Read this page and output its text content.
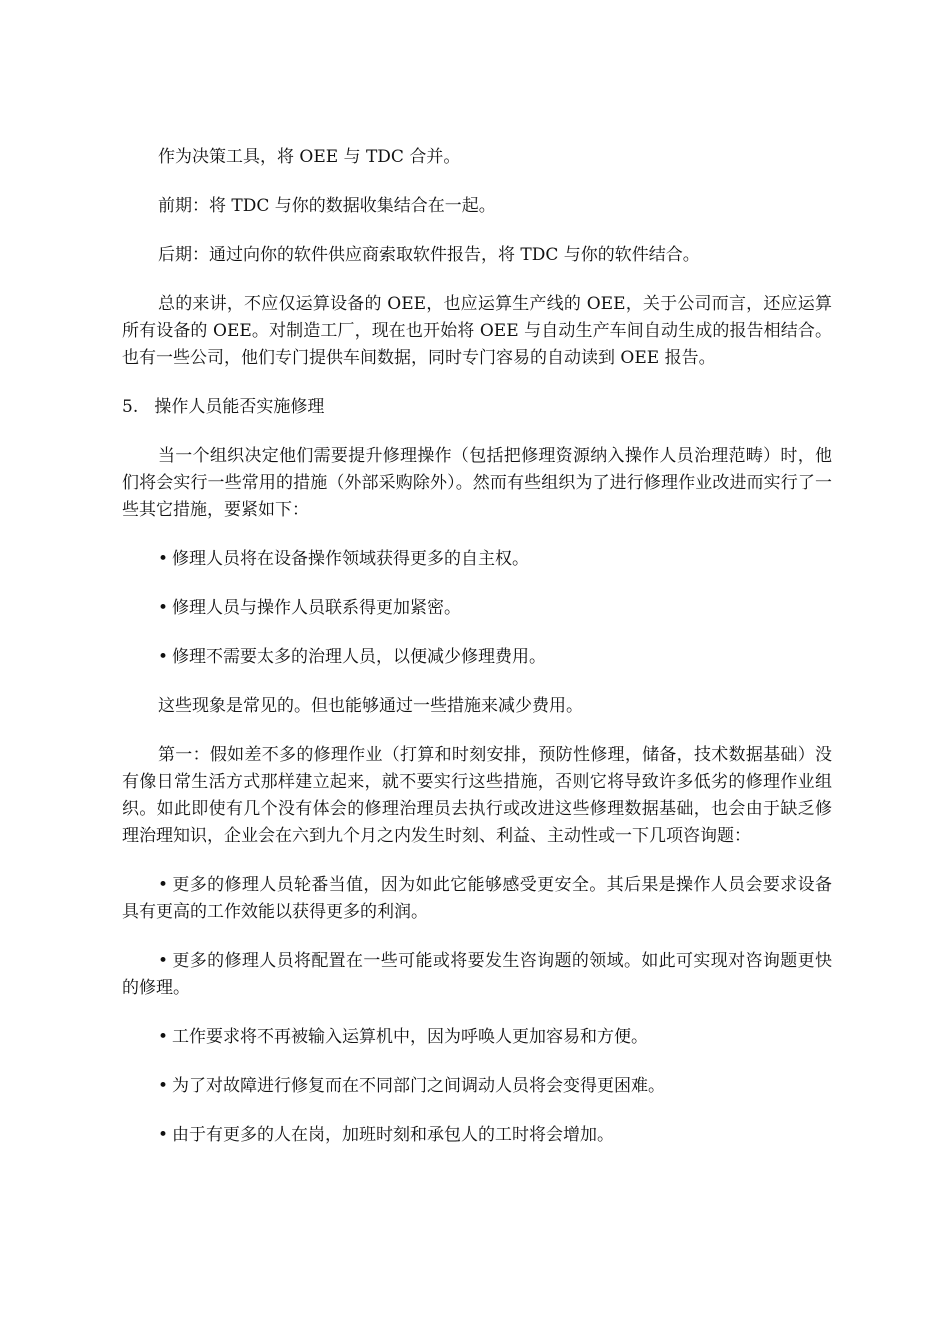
作为决策工具，将 OEE 与 TDC 合并。

前期：将 TDC 与你的数据收集结合在一起。

后期：通过向你的软件供应商索取软件报告，将 TDC 与你的软件结合。

总的来讲，不应仅运算设备的 OEE，也应运算生产线的 OEE，关于公司而言，还应运算所有设备的 OEE。对制造工厂，现在也开始将 OEE 与自动生产车间自动生成的报告相结合。也有一些公司，他们专门提供车间数据，同时专门容易的自动读到 OEE 报告。

5.   操作人员能否实施修理

当一个组织决定他们需要提升修理操作（包括把修理资源纳入操作人员治理范畴）时，他们将会实行一些常用的措施（外部采购除外）。然而有些组织为了进行修理作业改进而实行了一些其它措施，要紧如下：

• 修理人员将在设备操作领域获得更多的自主权。

• 修理人员与操作人员联系得更加紧密。

• 修理不需要太多的治理人员，以便减少修理费用。

这些现象是常见的。但也能够通过一些措施来减少费用。

第一：假如差不多的修理作业（打算和时刻安排，预防性修理，储备，技术数据基础）没有像日常生活方式那样建立起来，就不要实行这些措施，否则它将导致许多低劣的修理作业组织。如此即使有几个没有体会的修理治理员去执行或改进这些修理数据基础，也会由于缺乏修理治理知识，企业会在六到九个月之内发生时刻、利益、主动性或一下几项咨询题：

• 更多的修理人员轮番当值，因为如此它能够感受更安全。其后果是操作人员会要求设备具有更高的工作效能以获得更多的利润。

• 更多的修理人员将配置在一些可能或将要发生咨询题的领域。如此可实现对咨询题更快的修理。

• 工作要求将不再被输入运算机中，因为呼唤人更加容易和方便。

• 为了对故障进行修复而在不同部门之间调动人员将会变得更困难。

• 由于有更多的人在岗，加班时刻和承包人的工时将会增加。
